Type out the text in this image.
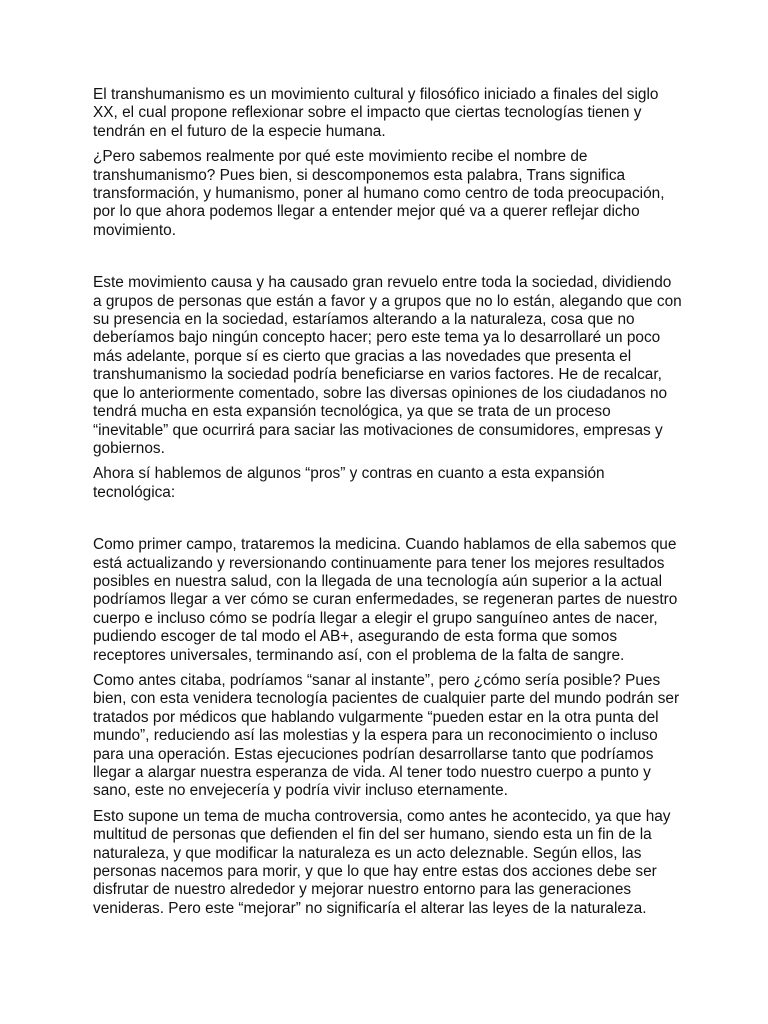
El transhumanismo es un movimiento cultural y filosófico iniciado a finales del siglo XX, el cual propone reflexionar sobre el impacto que ciertas tecnologías tienen y tendrán en el futuro de la especie humana.

¿Pero sabemos realmente por qué este movimiento recibe el nombre de transhumanismo? Pues bien, si descomponemos esta palabra, Trans significa transformación, y humanismo, poner al humano como centro de toda preocupación, por lo que ahora podemos llegar a entender mejor qué va a querer reflejar dicho movimiento.

Este movimiento causa y ha causado gran revuelo entre toda la sociedad, dividiendo a grupos de personas que están a favor y a grupos que no lo están, alegando que con su presencia en la sociedad, estaríamos alterando a la naturaleza, cosa que no deberíamos bajo ningún concepto hacer; pero este tema ya lo desarrollaré un poco más adelante, porque sí es cierto que gracias a las novedades que presenta el transhumanismo la sociedad podría beneficiarse en varios factores. He de recalcar, que lo anteriormente comentado, sobre las diversas opiniones de los ciudadanos no tendrá mucha en esta expansión tecnológica, ya que se trata de un proceso “inevitable” que ocurrirá para saciar las motivaciones de consumidores, empresas y gobiernos.

Ahora sí hablemos de algunos “pros” y contras en cuanto a esta expansión tecnológica:

Como primer campo, trataremos la medicina. Cuando hablamos de ella sabemos que está actualizando y reversionando continuamente para tener los mejores resultados posibles en nuestra salud, con la llegada de una tecnología aún superior a la actual podríamos llegar a ver cómo se curan enfermedades, se regeneran partes de nuestro cuerpo e incluso cómo se podría llegar a elegir el grupo sanguíneo antes de nacer, pudiendo escoger de tal modo el AB+, asegurando de esta forma que somos receptores universales, terminando así, con el problema de la falta de sangre.

Como antes citaba, podríamos “sanar al instante”, pero ¿cómo sería posible? Pues bien, con esta venidera tecnología pacientes de cualquier parte del mundo podrán ser tratados por médicos que hablando vulgarmente “pueden estar en la otra punta del mundo”, reduciendo así las molestias y la espera para un reconocimiento o incluso para una operación. Estas ejecuciones podrían desarrollarse tanto que podríamos llegar a alargar nuestra esperanza de vida. Al tener todo nuestro cuerpo a punto y sano, este no envejecería y podría vivir incluso eternamente.

Esto supone un tema de mucha controversia, como antes he acontecido, ya que hay multitud de personas que defienden el fin del ser humano, siendo esta un fin de la naturaleza, y que modificar la naturaleza es un acto deleznable. Según ellos, las personas nacemos para morir, y que lo que hay entre estas dos acciones debe ser disfrutar de nuestro alrededor y mejorar nuestro entorno para las generaciones venideras. Pero este “mejorar” no significaría el alterar las leyes de la naturaleza.
